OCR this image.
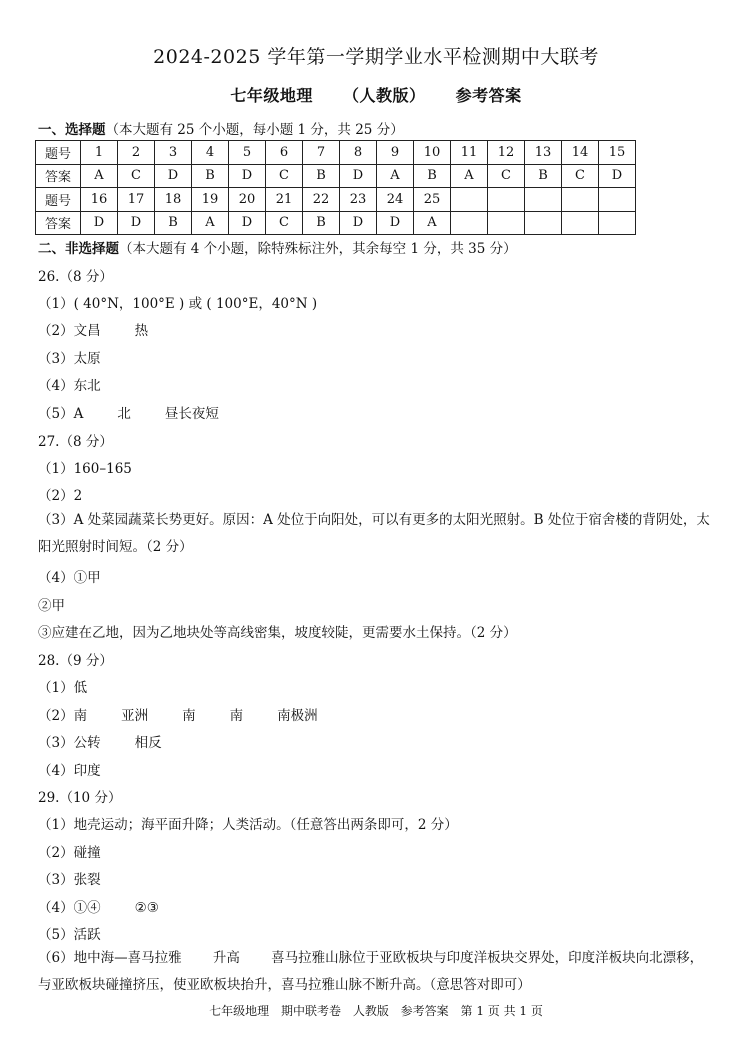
2024-2025 学年第一学期学业水平检测期中大联考
七年级地理 （人教版） 参考答案
一、选择题（本大题有 25 个小题，每小题 1 分，共 25 分）
题号	1	2	3	4	5	6	7	8	9	10	11	12	13	14	15
答案	A	C	D	B	D	C	B	D	A	B	A	C	B	C	D
题号	16	17	18	19	20	21	22	23	24	25					
答案	D	D	B	A	D	C	B	D	D	A					
二、非选择题（本大题有 4 个小题，除特殊标注外，其余每空 1 分，共 35 分）
26.（8 分）
（1）( 40°N，100°E ) 或 ( 100°E，40°N )
（2）文昌	热
（3）太原
（4）东北
（5）A	北	昼长夜短
27.（8 分）
（1）160–165
（2）2
（3）A 处菜园蔬菜长势更好。原因：A 处位于向阳处，可以有更多的太阳光照射。B 处位于宿舍楼的背阴处，太阳光照射时间短。（2 分）
（4）①甲
②甲
③应建在乙地，因为乙地块处等高线密集，坡度较陡，更需要水土保持。（2 分）
28.（9 分）
（1）低
（2）南	亚洲	南	南	南极洲
（3）公转	相反
（4）印度
29.（10 分）
（1）地壳运动；海平面升降；人类活动。（任意答出两条即可，2 分）
（2）碰撞
（3）张裂
（4）①④	②③
（5）活跃
（6）地中海—喜马拉雅　　 升高　　 喜马拉雅山脉位于亚欧板块与印度洋板块交界处，印度洋板块向北漂移，与亚欧板块碰撞挤压，使亚欧板块抬升，喜马拉雅山脉不断升高。（意思答对即可）
七年级地理 期中联考卷 人教版 参考答案 第 1 页 共 1 页
